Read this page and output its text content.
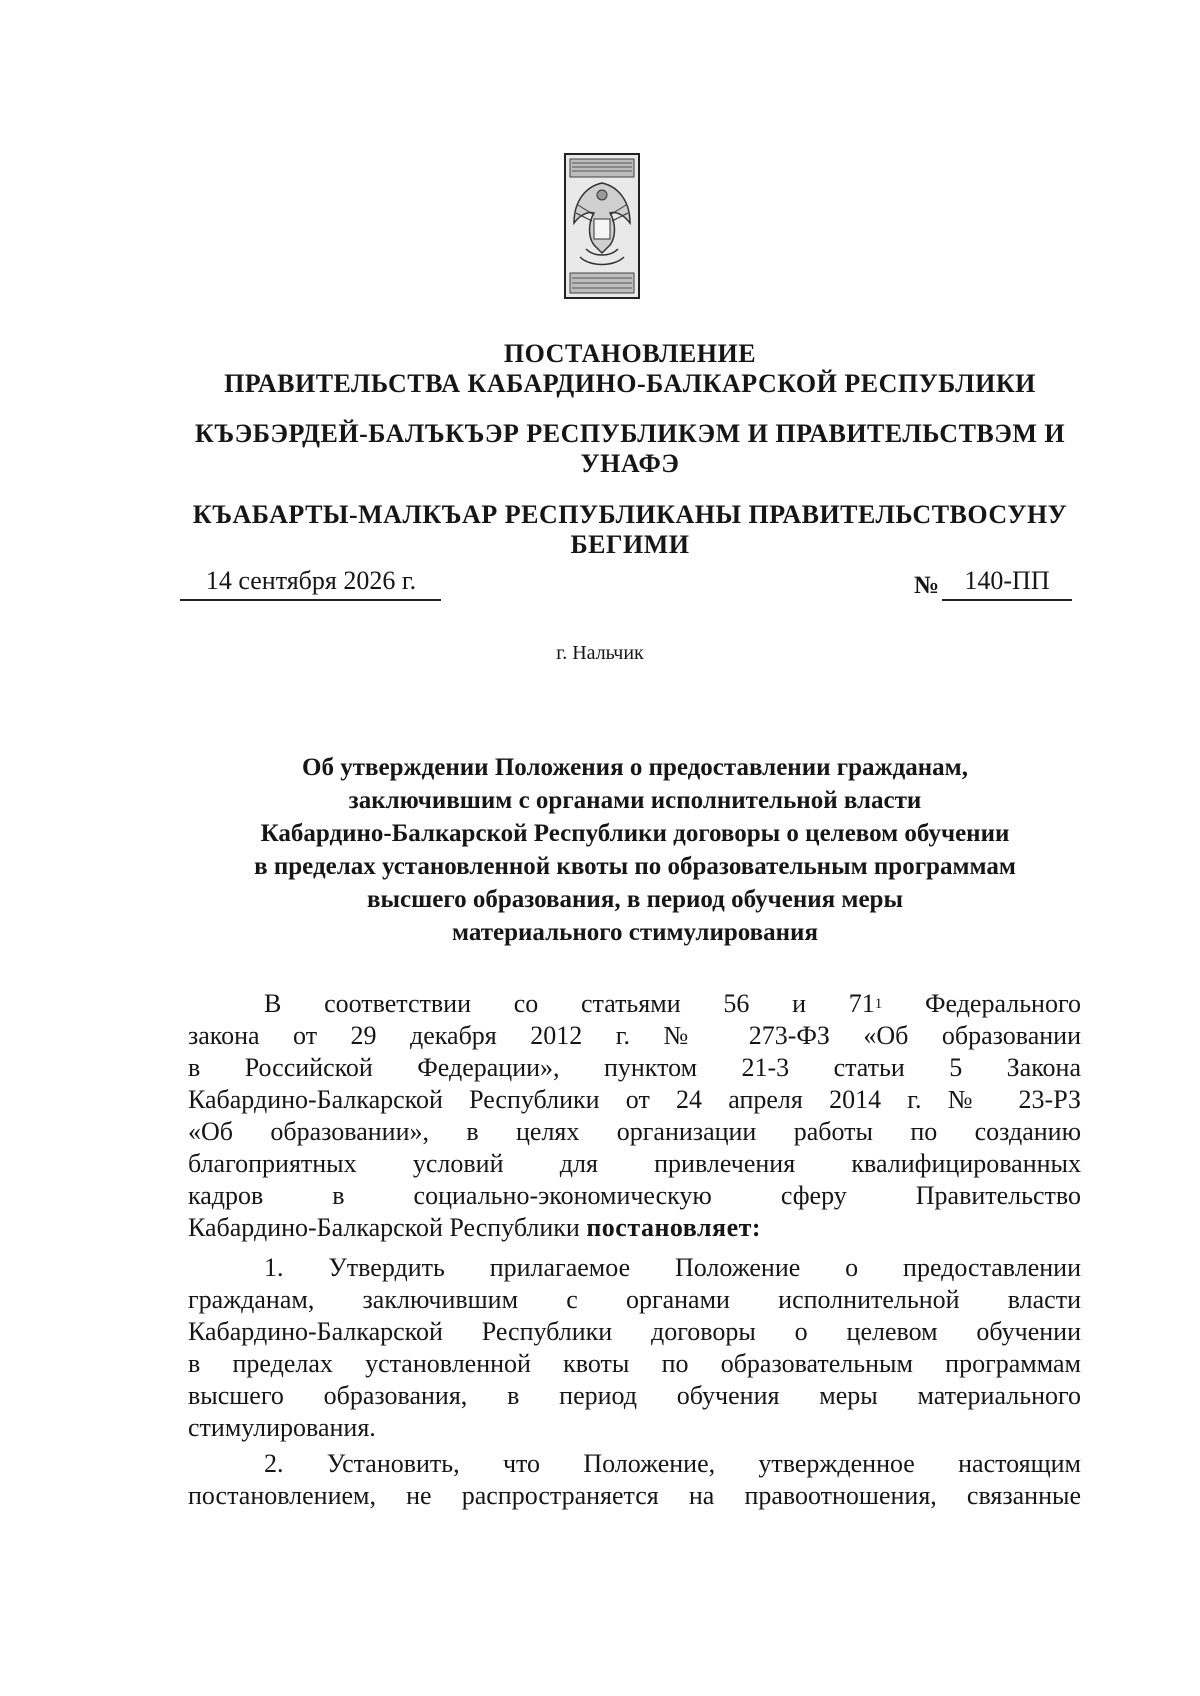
ПОСТАНОВЛЕНИЕ
ПРАВИТЕЛЬСТВА КАБАРДИНО-БАЛКАРСКОЙ РЕСПУБЛИКИ
КЪЭБЭРДЕЙ-БАЛЪКЪЭР РЕСПУБЛИКЭМ И ПРАВИТЕЛЬСТВЭМ И
УНАФЭ
КЪАБАРТЫ-МАЛКЪАР РЕСПУБЛИКАНЫ ПРАВИТЕЛЬСТВОСУНУ
БЕГИМИ
14 сентября 2026 г.	№ 140-ПП
г. Нальчик
Об утверждении Положения о предоставлении гражданам,
заключившим с органами исполнительной власти
Кабардино-Балкарской Республики договоры о целевом обучении
в пределах установленной квоты по образовательным программам
высшего образования, в период обучения меры
материального стимулирования
В соответствии со статьями 56 и $71^1$ Федерального
закона от 29 декабря 2012 г. № 273-ФЗ «Об образовании
в Российской Федерации», пунктом 21-3 статьи 5 Закона
Кабардино-Балкарской Республики от 24 апреля 2014 г. № 23-РЗ
«Об образовании», в целях организации работы по созданию
благоприятных условий для привлечения квалифицированных
кадров в социально-экономическую сферу Правительство
Кабардино-Балкарской Республики постановляет:
1. Утвердить прилагаемое Положение о предоставлении
гражданам, заключившим с органами исполнительной власти
Кабардино-Балкарской Республики договоры о целевом обучении
в пределах установленной квоты по образовательным программам
высшего образования, в период обучения меры материального
стимулирования.
2. Установить, что Положение, утвержденное настоящим
постановлением, не распространяется на правоотношения, связанные
